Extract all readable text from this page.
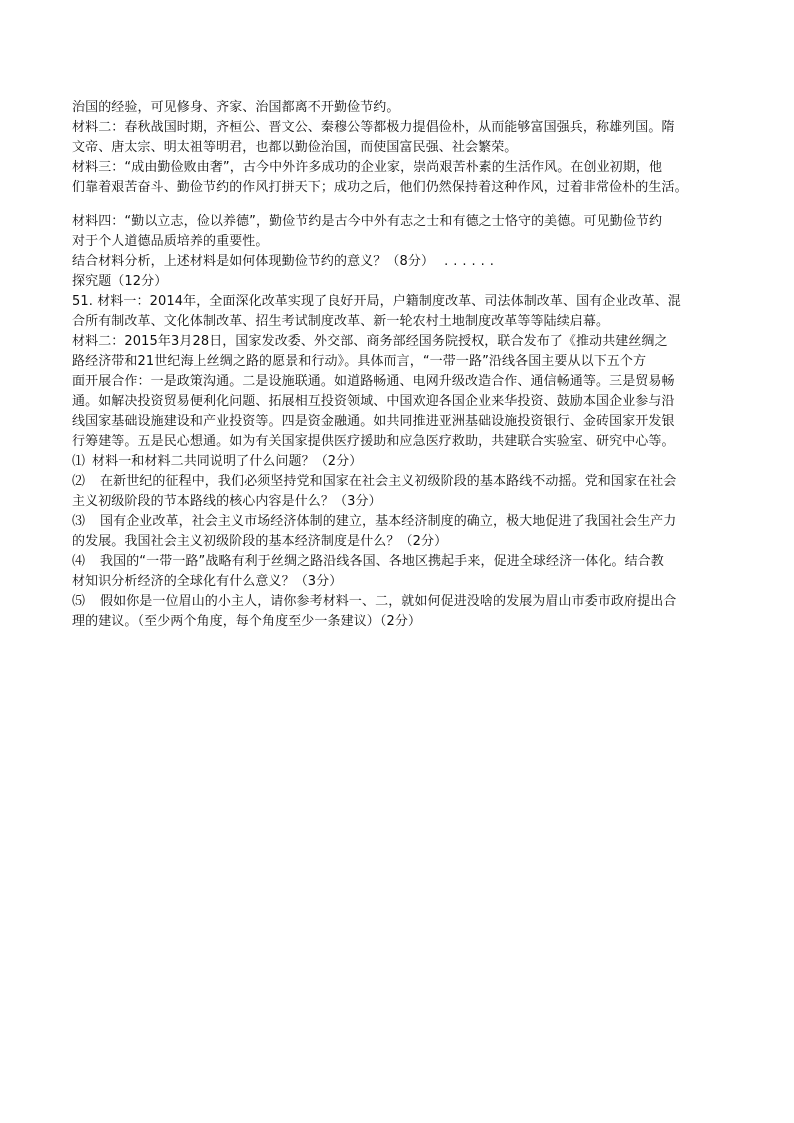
治国的经验，可见修身、齐家、治国都离不开勤俭节约。
材料二：春秋战国时期，齐桓公、晋文公、秦穆公等都极力提倡俭朴，从而能够富国强兵，称雄列国。隋
文帝、唐太宗、明太祖等明君，也都以勤俭治国，而使国富民强、社会繁荣。
材料三：“成由勤俭败由奢”，古今中外许多成功的企业家，崇尚艰苦朴素的生活作风。在创业初期，他
们靠着艰苦奋斗、勤俭节约的作风打拼天下；成功之后，他们仍然保持着这种作风，过着非常俭朴的生活。
材料四：“勤以立志，俭以养德”，勤俭节约是古今中外有志之士和有德之士恪守的美德。可见勤俭节约
对于个人道德品质培养的重要性。
结合材料分析，上述材料是如何体现勤俭节约的意义？（8分） ......
探究题（12分）
51. 材料一：2014年，全面深化改革实现了良好开局，户籍制度改革、司法体制改革、国有企业改革、混
合所有制改革、文化体制改革、招生考试制度改革、新一轮农村土地制度改革等等陆续启幕。
材料二：2015年3月28日，国家发改委、外交部、商务部经国务院授权，联合发布了《推动共建丝绸之
路经济带和21世纪海上丝绸之路的愿景和行动》。具体而言，“一带一路”沿线各国主要从以下五个方
面开展合作：一是政策沟通。二是设施联通。如道路畅通、电网升级改造合作、通信畅通等。三是贸易畅
通。如解决投资贸易便利化问题、拓展相互投资领域、中国欢迎各国企业来华投资、鼓励本国企业参与沿
线国家基础设施建设和产业投资等。四是资金融通。如共同推进亚洲基础设施投资银行、金砖国家开发银
行筹建等。五是民心想通。如为有关国家提供医疗援助和应急医疗救助，共建联合实验室、研究中心等。
⑴ 材料一和材料二共同说明了什么问题？（2分）
⑵ 在新世纪的征程中，我们必须坚持党和国家在社会主义初级阶段的基本路线不动摇。党和国家在社会
主义初级阶段的节本路线的核心内容是什么？（3分）
⑶ 国有企业改革，社会主义市场经济体制的建立，基本经济制度的确立，极大地促进了我国社会生产力
的发展。我国社会主义初级阶段的基本经济制度是什么？（2分）
⑷ 我国的“一带一路”战略有利于丝绸之路沿线各国、各地区携起手来，促进全球经济一体化。结合教
材知识分析经济的全球化有什么意义？（3分）
⑸ 假如你是一位眉山的小主人，请你参考材料一、二，就如何促进没啥的发展为眉山市委市政府提出合
理的建议。（至少两个角度，每个角度至少一条建议）（2分）
